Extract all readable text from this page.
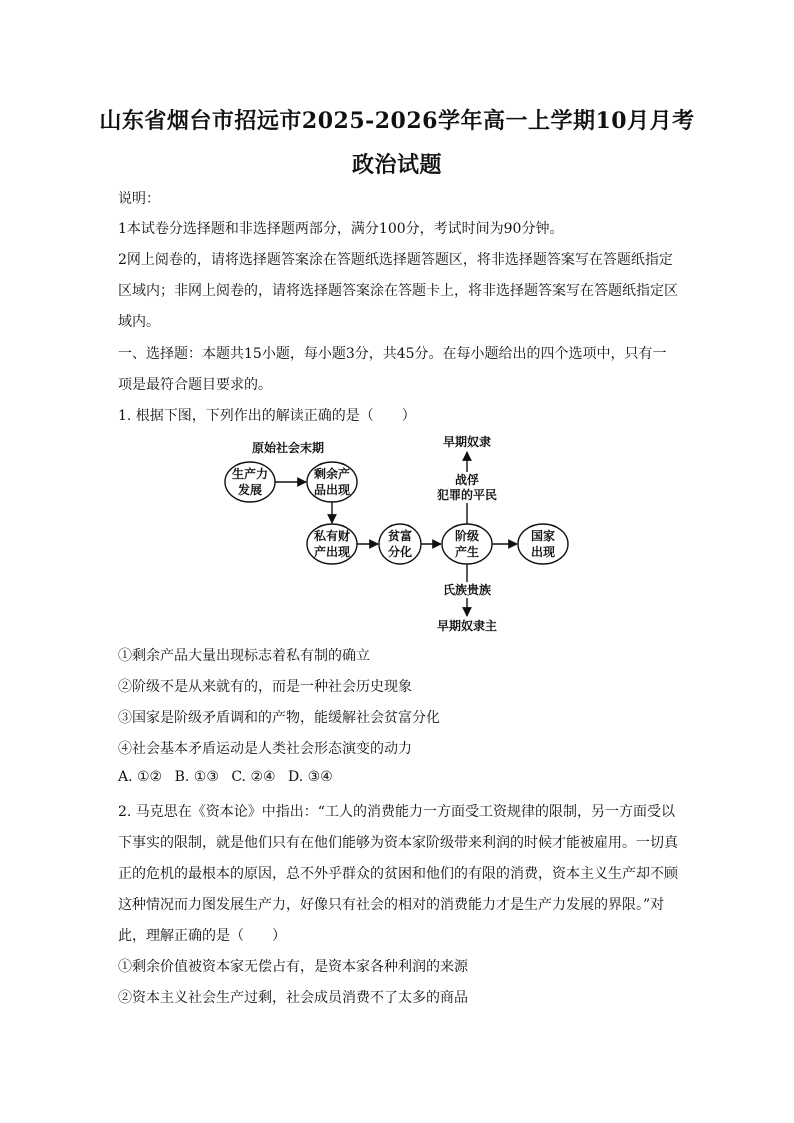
山东省烟台市招远市2025-2026学年高一上学期10月月考
政治试题
说明：
1本试卷分选择题和非选择题两部分，满分100分，考试时间为90分钟。
2网上阅卷的，请将选择题答案涂在答题纸选择题答题区，将非选择题答案写在答题纸指定
区域内；非网上阅卷的，请将选择题答案涂在答题卡上，将非选择题答案写在答题纸指定区
域内。
一、选择题：本题共15小题，每小题3分，共45分。在每小题给出的四个选项中，只有一
项是最符合题目要求的。
1. 根据下图，下列作出的解读正确的是（　　）
原始社会末期
生产力
发展
剩余产
品出现
私有财
产出现
贫富
分化
阶级
产生
国家
出现
早期奴隶
战俘
犯罪的平民
氏族贵族
早期奴隶主
①剩余产品大量出现标志着私有制的确立
②阶级不是从来就有的，而是一种社会历史现象
③国家是阶级矛盾调和的产物，能缓解社会贫富分化
④社会基本矛盾运动是人类社会形态演变的动力
A. ①② B. ①③ C. ②④ D. ③④
2. 马克思在《资本论》中指出：“工人的消费能力一方面受工资规律的限制，另一方面受以
下事实的限制，就是他们只有在他们能够为资本家阶级带来利润的时候才能被雇用。一切真
正的危机的最根本的原因，总不外乎群众的贫困和他们的有限的消费，资本主义生产却不顾
这种情况而力图发展生产力，好像只有社会的相对的消费能力才是生产力发展的界限。”对
此，理解正确的是（　　）
①剩余价值被资本家无偿占有，是资本家各种利润的来源
②资本主义社会生产过剩，社会成员消费不了太多的商品
